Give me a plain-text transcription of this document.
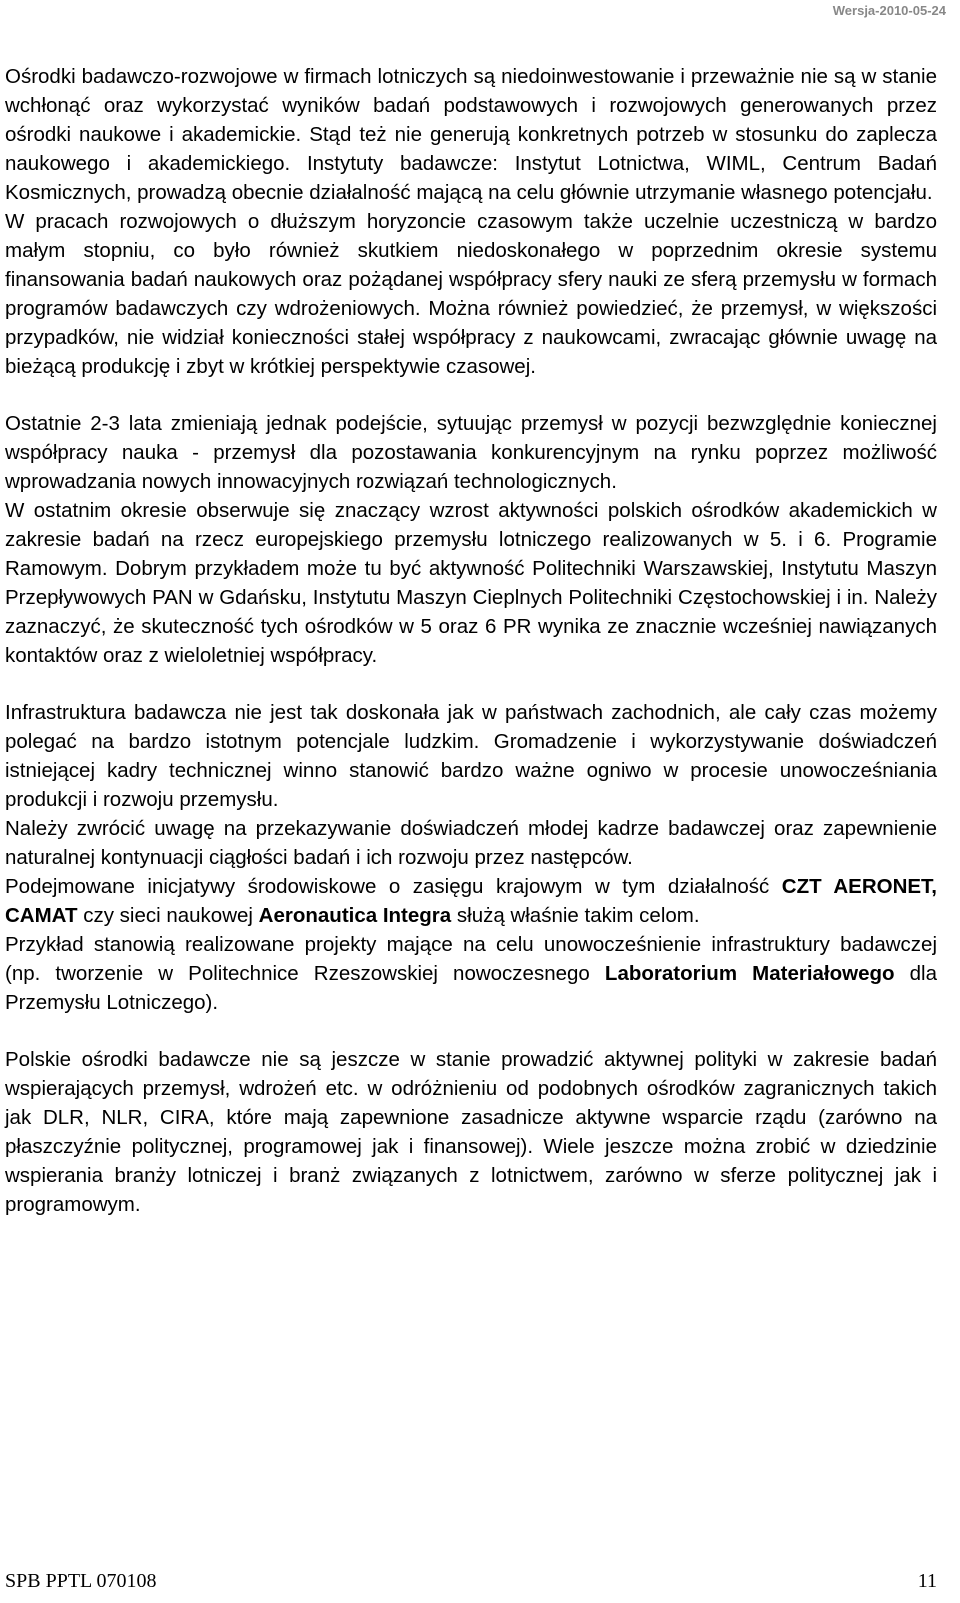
Wersja-2010-05-24

Ośrodki badawczo-rozwojowe w firmach lotniczych są niedoinwestowanie i przeważnie nie są w stanie wchłonąć oraz wykorzystać wyników badań podstawowych i rozwojowych generowanych przez ośrodki naukowe i akademickie. Stąd też nie generują konkretnych potrzeb w stosunku do zaplecza naukowego i akademickiego. Instytuty badawcze: Instytut Lotnictwa, WIML, Centrum Badań Kosmicznych, prowadzą obecnie działalność mającą na celu głównie utrzymanie własnego potencjału.

W pracach rozwojowych o dłuższym horyzoncie czasowym także uczelnie uczestniczą w bardzo małym stopniu, co było również skutkiem niedoskonałego w poprzednim okresie systemu finansowania badań naukowych oraz pożądanej współpracy sfery nauki ze sferą przemysłu w formach programów badawczych czy wdrożeniowych. Można również powiedzieć, że przemysł, w większości przypadków, nie widział konieczności stałej współpracy z naukowcami, zwracając głównie uwagę na bieżącą produkcję i zbyt w krótkiej perspektywie czasowej.

Ostatnie 2-3 lata zmieniają jednak podejście, sytuując przemysł w pozycji bezwzględnie koniecznej współpracy nauka - przemysł dla pozostawania konkurencyjnym na rynku poprzez możliwość wprowadzania nowych innowacyjnych rozwiązań technologicznych.

W ostatnim okresie obserwuje się znaczący wzrost aktywności polskich ośrodków akademickich w zakresie badań na rzecz europejskiego przemysłu lotniczego realizowanych w 5. i 6. Programie Ramowym. Dobrym przykładem może tu być aktywność Politechniki Warszawskiej, Instytutu Maszyn Przepływowych PAN w Gdańsku, Instytutu Maszyn Cieplnych Politechniki Częstochowskiej i in. Należy zaznaczyć, że skuteczność tych ośrodków w 5 oraz 6 PR wynika ze znacznie wcześniej nawiązanych kontaktów oraz z wieloletniej współpracy.

Infrastruktura badawcza nie jest tak doskonała jak w państwach zachodnich, ale cały czas możemy polegać na bardzo istotnym potencjale ludzkim. Gromadzenie i wykorzystywanie doświadczeń istniejącej kadry technicznej winno stanowić bardzo ważne ogniwo w procesie unowocześniania produkcji i rozwoju przemysłu.

Należy zwrócić uwagę na przekazywanie doświadczeń młodej kadrze badawczej oraz zapewnienie naturalnej kontynuacji ciągłości badań i ich rozwoju przez następców.

Podejmowane inicjatywy środowiskowe o zasięgu krajowym w tym działalność CZT AERONET, CAMAT czy sieci naukowej Aeronautica Integra służą właśnie takim celom.

Przykład stanowią realizowane projekty mające na celu unowocześnienie infrastruktury badawczej (np. tworzenie w Politechnice Rzeszowskiej nowoczesnego Laboratorium Materiałowego dla Przemysłu Lotniczego).

Polskie ośrodki badawcze nie są jeszcze w stanie prowadzić aktywnej polityki w zakresie badań wspierających przemysł, wdrożeń etc. w odróżnieniu od podobnych ośrodków zagranicznych takich jak DLR, NLR, CIRA, które mają zapewnione zasadnicze aktywne wsparcie rządu (zarówno na płaszczyźnie politycznej, programowej jak i finansowej). Wiele jeszcze można zrobić w dziedzinie wspierania branży lotniczej i branż związanych z lotnictwem, zarówno w sferze politycznej jak i programowym.

SPB PPTL 070108	11
